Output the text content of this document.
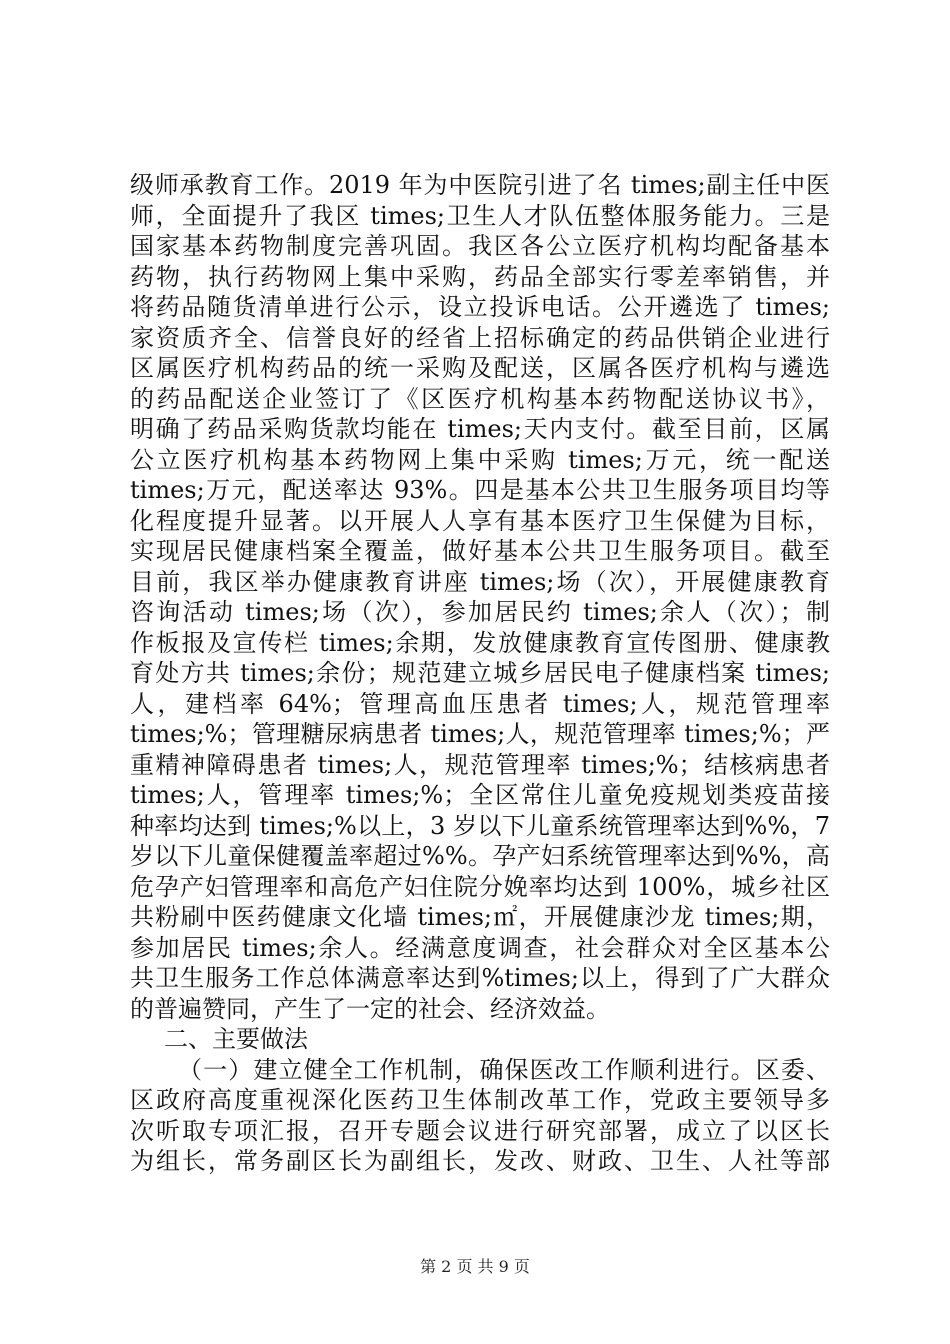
级师承教育工作。2019 年为中医院引进了名 times;副主任中医
师，全面提升了我区 times;卫生人才队伍整体服务能力。三是
国家基本药物制度完善巩固。我区各公立医疗机构均配备基本
药物，执行药物网上集中采购，药品全部实行零差率销售，并
将药品随货清单进行公示，设立投诉电话。公开遴选了 times;
家资质齐全、信誉良好的经省上招标确定的药品供销企业进行
区属医疗机构药品的统一采购及配送，区属各医疗机构与遴选
的药品配送企业签订了《区医疗机构基本药物配送协议书》，
明确了药品采购货款均能在 times;天内支付。截至目前，区属
公立医疗机构基本药物网上集中采购 times;万元，统一配送
times;万元，配送率达 93%。四是基本公共卫生服务项目均等
化程度提升显著。以开展人人享有基本医疗卫生保健为目标，
实现居民健康档案全覆盖，做好基本公共卫生服务项目。截至
目前，我区举办健康教育讲座 times;场（次），开展健康教育
咨询活动 times;场（次），参加居民约 times;余人（次）；制
作板报及宣传栏 times;余期，发放健康教育宣传图册、健康教
育处方共 times;余份；规范建立城乡居民电子健康档案 times;
人，建档率 64%；管理高血压患者 times;人，规范管理率
times;%；管理糖尿病患者 times;人，规范管理率 times;%；严
重精神障碍患者 times;人，规范管理率 times;%；结核病患者
times;人，管理率 times;%；全区常住儿童免疫规划类疫苗接
种率均达到 times;%以上，3 岁以下儿童系统管理率达到%%，7
岁以下儿童保健覆盖率超过%%。孕产妇系统管理率达到%%，高
危孕产妇管理率和高危产妇住院分娩率均达到 100%，城乡社区
共粉刷中医药健康文化墙 times;㎡，开展健康沙龙 times;期，
参加居民 times;余人。经满意度调查，社会群众对全区基本公
共卫生服务工作总体满意率达到%times;以上，得到了广大群众
的普遍赞同，产生了一定的社会、经济效益。
二、主要做法
（一）建立健全工作机制，确保医改工作顺利进行。区委、
区政府高度重视深化医药卫生体制改革工作，党政主要领导多
次听取专项汇报，召开专题会议进行研究部署，成立了以区长
为组长，常务副区长为副组长，发改、财政、卫生、人社等部
第 2 页 共 9 页
